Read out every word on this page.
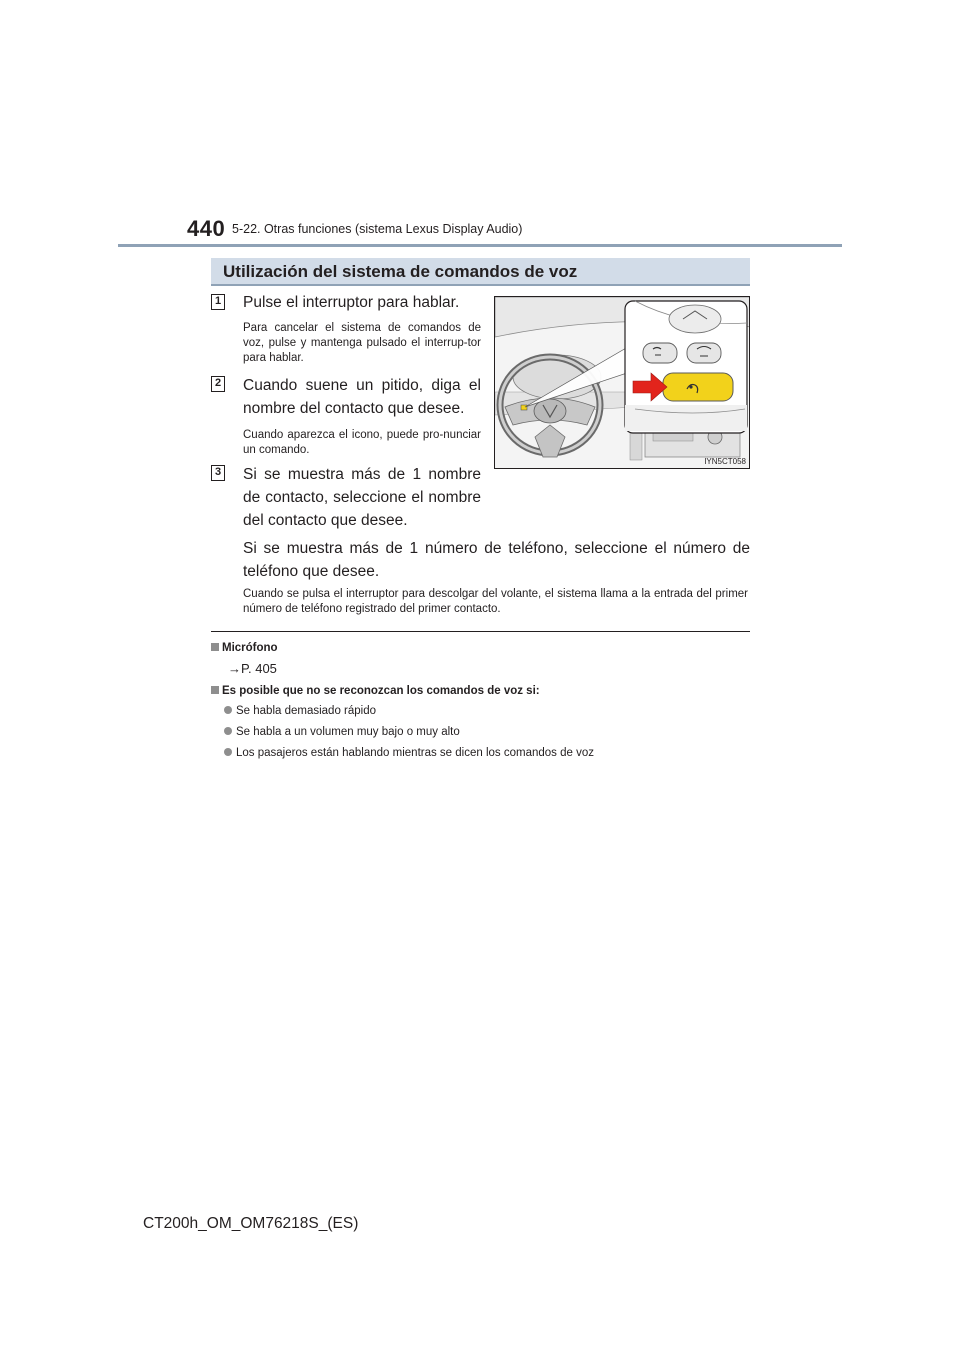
440 5-22. Otras funciones (sistema Lexus Display Audio)
Utilización del sistema de comandos de voz
1 Pulse el interruptor para hablar.
Para cancelar el sistema de comandos de voz, pulse y mantenga pulsado el interrup-tor para hablar.
2 Cuando suene un pitido, diga el nombre del contacto que desee.
Cuando aparezca el icono, puede pro-nunciar un comando.
3 Si se muestra más de 1 nombre de contacto, seleccione el nombre del contacto que desee.
Si se muestra más de 1 número de teléfono, seleccione el número de teléfono que desee.
Cuando se pulsa el interruptor para descolgar del volante, el sistema llama a la entrada del primer número de teléfono registrado del primer contacto.
IYN5CT058
Micrófono
→P. 405
Es posible que no se reconozcan los comandos de voz si:
Se habla demasiado rápido
Se habla a un volumen muy bajo o muy alto
Los pasajeros están hablando mientras se dicen los comandos de voz
CT200h_OM_OM76218S_(ES)
